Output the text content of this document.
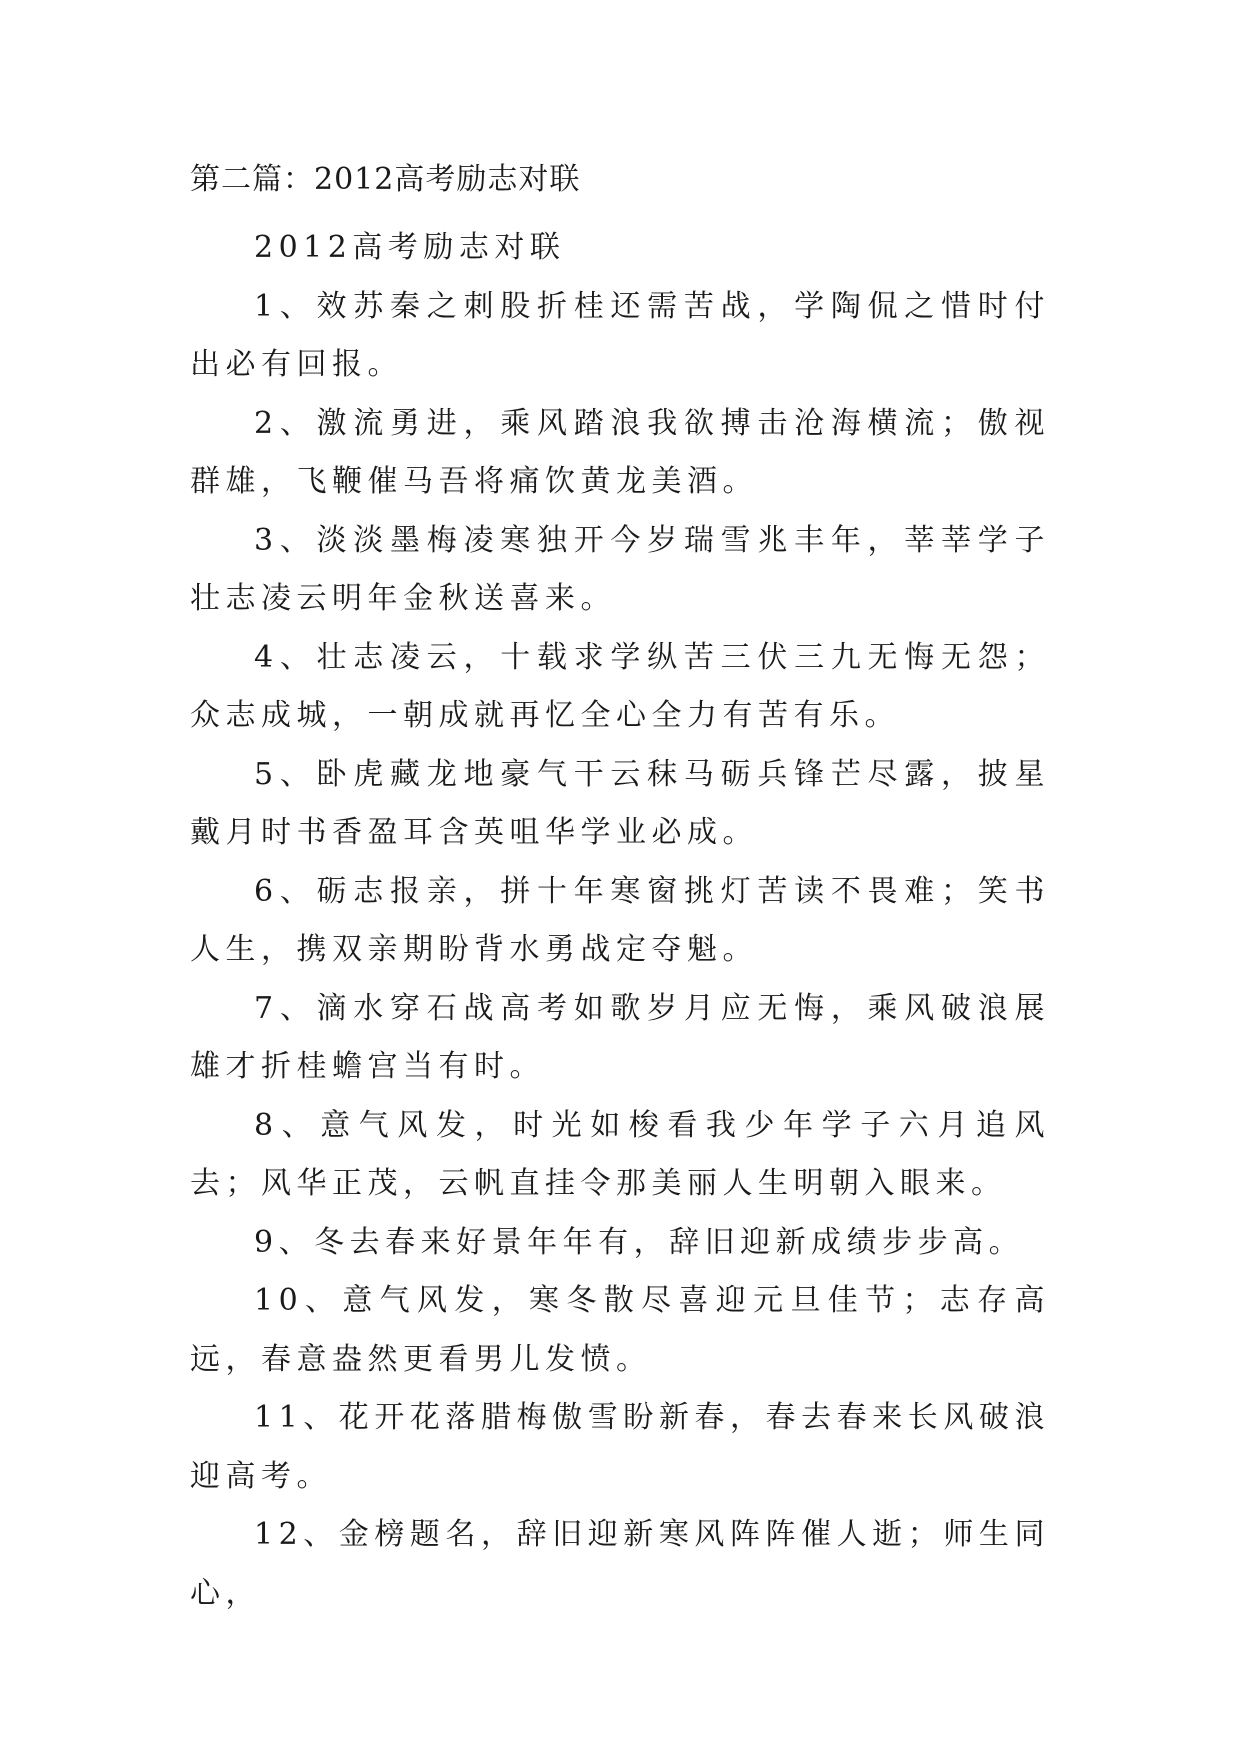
第二篇：2012高考励志对联

2012高考励志对联

1、效苏秦之刺股折桂还需苦战，学陶侃之惜时付出必有回报。

2、激流勇进，乘风踏浪我欲搏击沧海横流；傲视群雄，飞鞭催马吾将痛饮黄龙美酒。

3、淡淡墨梅凌寒独开今岁瑞雪兆丰年，莘莘学子壮志凌云明年金秋送喜来。

4、壮志凌云，十载求学纵苦三伏三九无悔无怨；众志成城，一朝成就再忆全心全力有苦有乐。

5、卧虎藏龙地豪气干云秣马砺兵锋芒尽露，披星戴月时书香盈耳含英咀华学业必成。

6、砺志报亲，拼十年寒窗挑灯苦读不畏难；笑书人生，携双亲期盼背水勇战定夺魁。

7、滴水穿石战高考如歌岁月应无悔，乘风破浪展雄才折桂蟾宫当有时。

8、意气风发，时光如梭看我少年学子六月追风去；风华正茂，云帆直挂令那美丽人生明朝入眼来。

9、冬去春来好景年年有，辞旧迎新成绩步步高。

10、意气风发，寒冬散尽喜迎元旦佳节；志存高远，春意盎然更看男儿发愤。

11、花开花落腊梅傲雪盼新春，春去春来长风破浪迎高考。

12、金榜题名，辞旧迎新寒风阵阵催人逝；师生同心，
